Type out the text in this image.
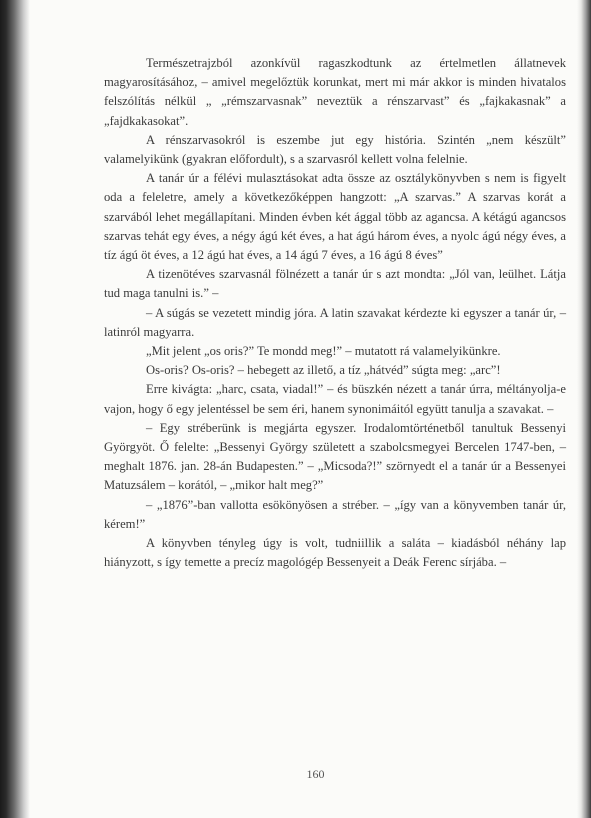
Természetrajzból azonkívül ragaszkodtunk az értelmetlen állatnevek magyarosításához, – amivel megelőztük korunkat, mert mi már akkor is minden hivatalos felszólítás nélkül „ „rémszarvasnak” neveztük a rénszarvast” és „fajkakasnak” a „fajdkakasokat”.

A rénszarvasokról is eszembe jut egy história. Szintén „nem készült” valamelyikünk (gyakran előfordult), s a szarvasról kellett volna felelnie.

A tanár úr a félévi mulasztásokat adta össze az osztálykönyvben s nem is figyelt oda a feleletre, amely a következőképpen hangzott: „A szarvas.” A szarvas korát a szarvából lehet megállapítani. Minden évben két ággal több az agancsa. A kétágú agancsos szarvas tehát egy éves, a négy ágú két éves, a hat ágú három éves, a nyolc ágú négy éves, a tíz ágú öt éves, a 12 ágú hat éves, a 14 ágú 7 éves, a 16 ágú 8 éves”

A tizenötéves szarvasnál fölnézett a tanár úr s azt mondta: „Jól van, leülhet. Látja tud maga tanulni is.” –

– A súgás se vezetett mindig jóra. A latin szavakat kérdezte ki egyszer a tanár úr, – latinról magyarra.

„Mit jelent „os oris?” Te mondd meg!” – mutatott rá valamelyikünkre.

Os-oris? Os-oris? – hebegett az illető, a tíz „hátvéd” súgta meg: „arc”!

Erre kivágta: „harc, csata, viadal!” – és büszkén nézett a tanár úrra, méltányolja-e vajon, hogy ő egy jelentéssel be sem éri, hanem synonimáitól együtt tanulja a szavakat. –

– Egy stréberünk is megjárta egyszer. Irodalomtörténetből tanultuk Bessenyi Györgyöt. Ő felelte: „Bessenyi György született a szabolcsmegyei Bercelen 1747-ben, – meghalt 1876. jan. 28-án Budapesten.” – „Micsoda?!” szörnyedt el a tanár úr a Bessenyei Matuzsálem – korától, – „mikor halt meg?”

– „1876”-ban vallotta esökönyösen a stréber. – „így van a könyvemben tanár úr, kérem!”

A könyvben tényleg úgy is volt, tudniillik a saláta – kiadásból néhány lap hiányzott, s így temette a precíz magológép Bessenyeit a Deák Ferenc sírjába. –

160
